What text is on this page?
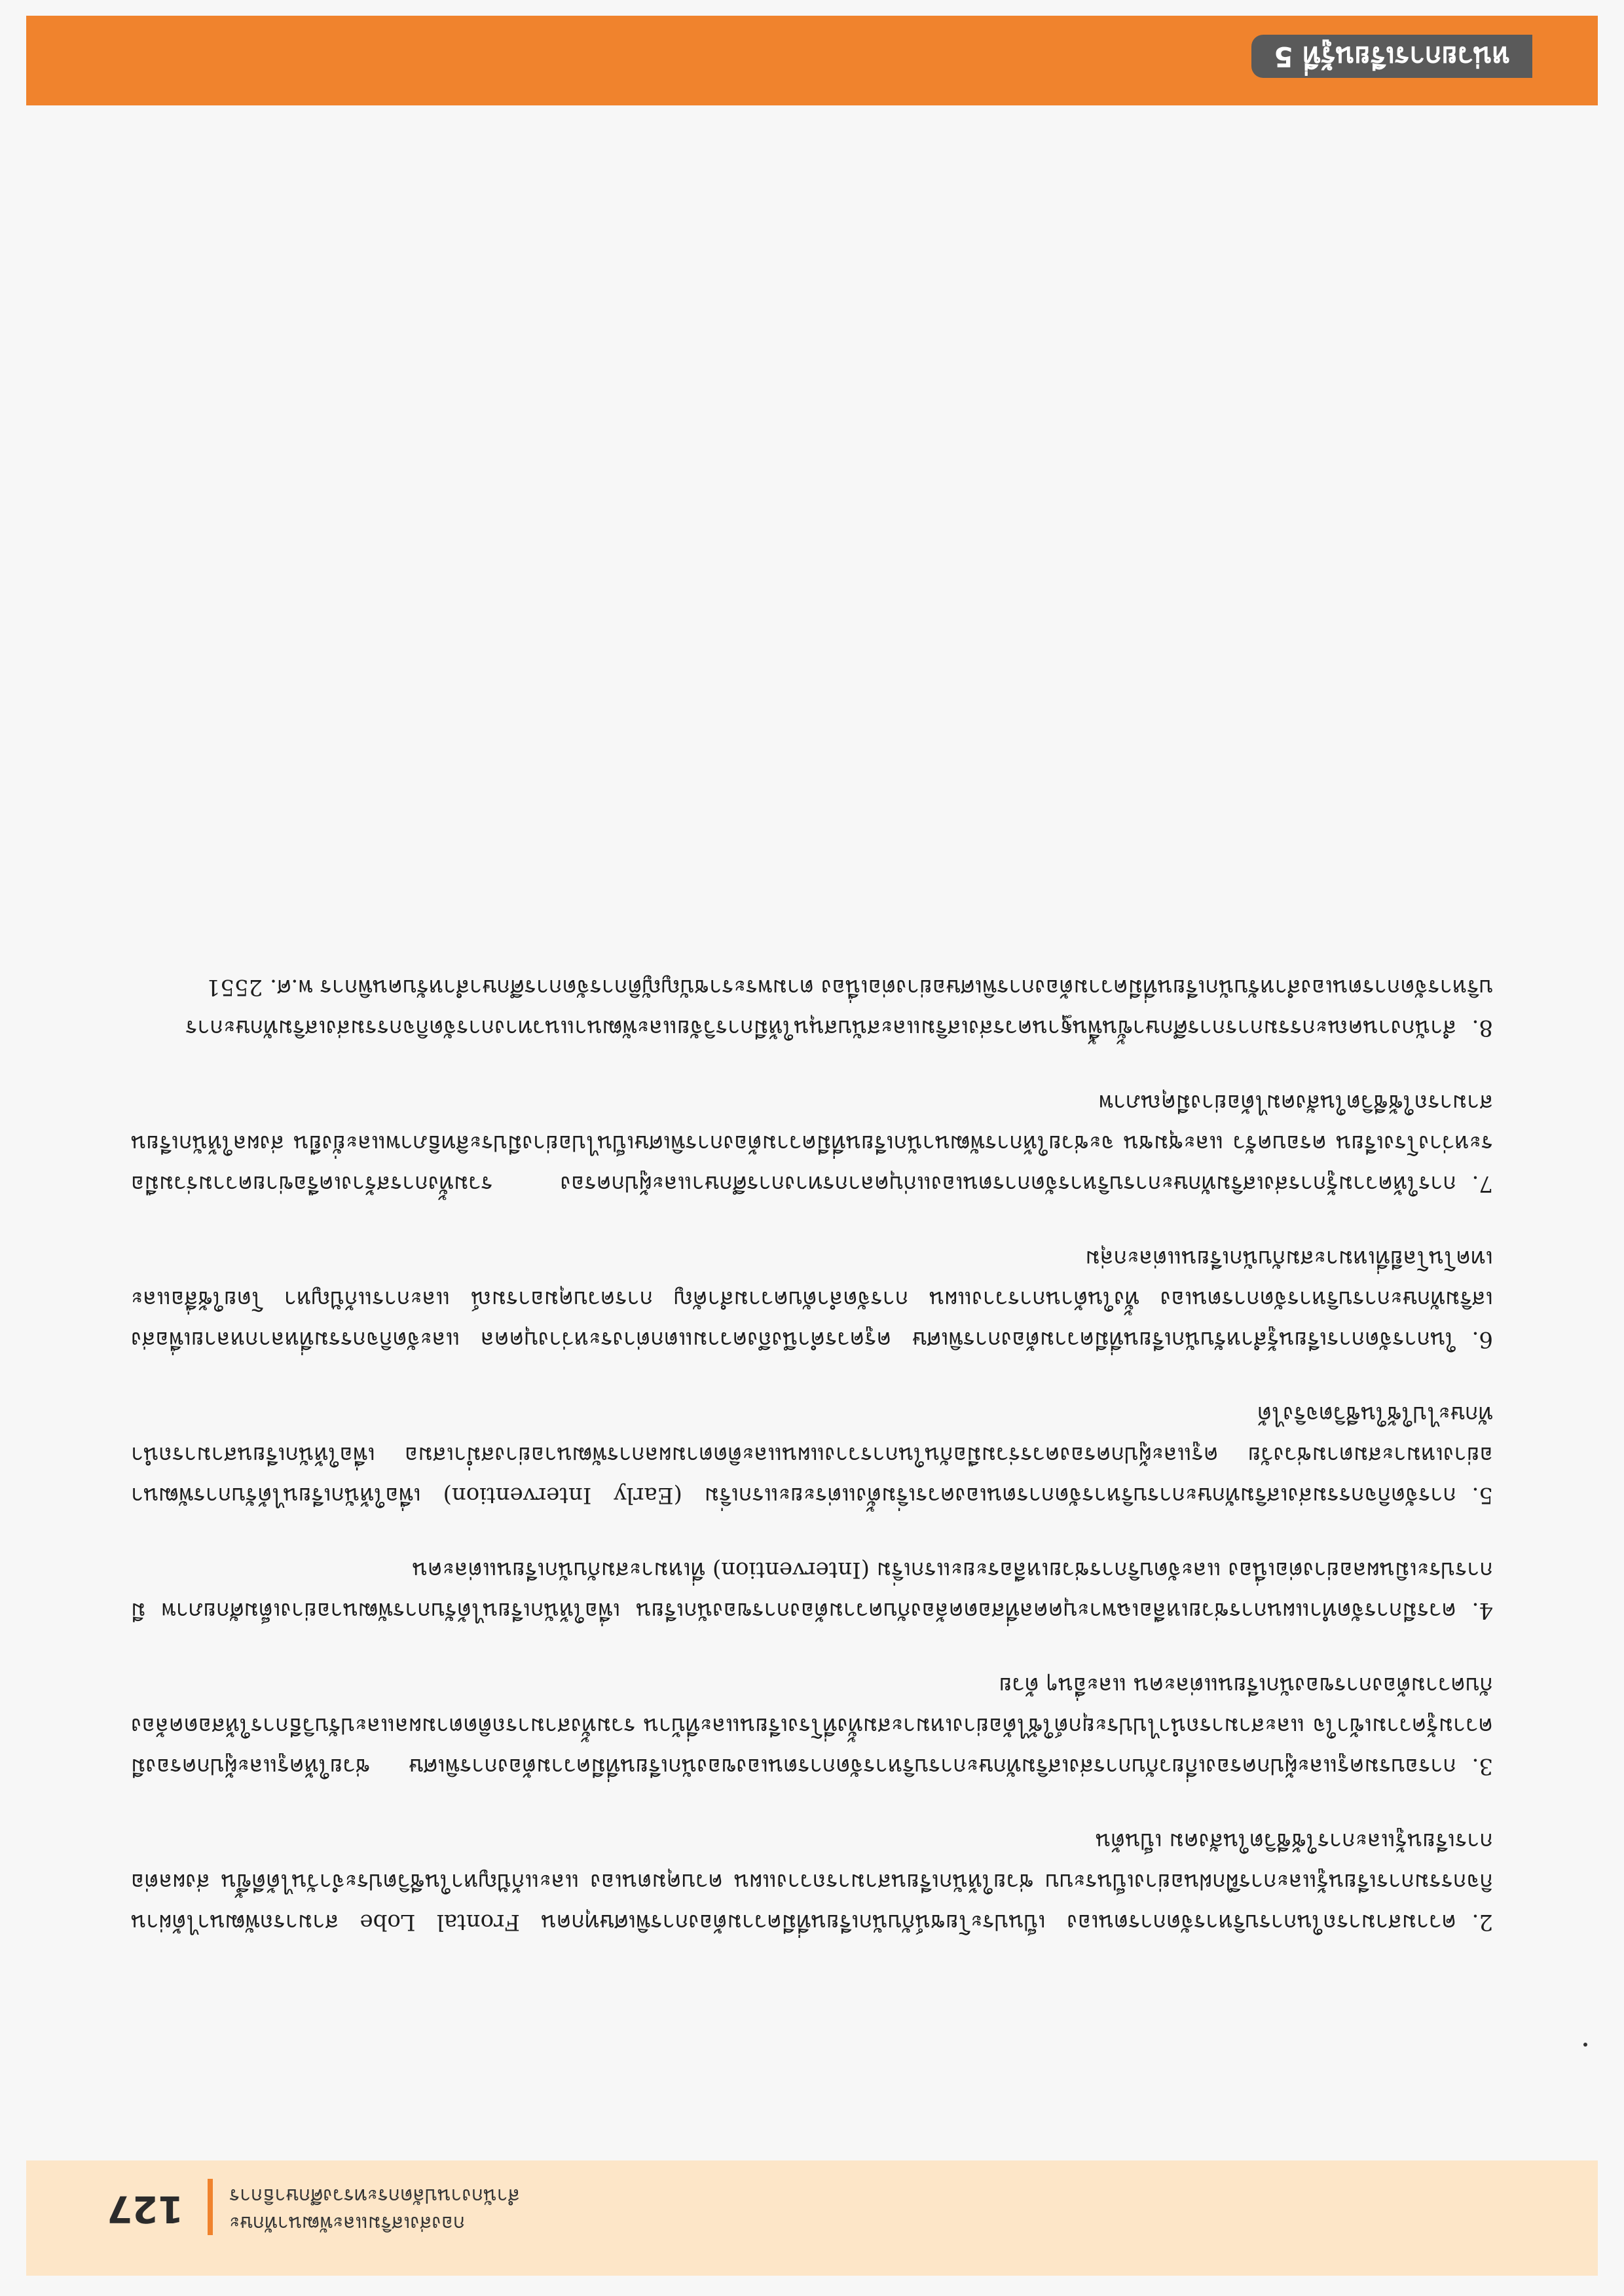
กองส่งเสริมและพัฒนาทักษะ
สำนักงานปลัดกระทรวงศึกษาธิการ
127
2.ความสามารถในการบริหารจัดการตนเอง เป็นประโยชน์กับนักเรียนที่มีความต้องการพิเศษทุกคน Frontal Lobe สามารถพัฒนาได้ผ่านกิจกรรมการเรียนรู้และการฝึกฝนอย่างเป็นระบบ ช่วยให้นักเรียนสามารถวางแผน ควบคุมตนเอง และแก้ปัญหาในชีวิตประจำวันได้ดีขึ้น ส่งผลต่อการเรียนรู้และการใช้ชีวิตในสังคม เป็นต้น
3.การอบรมครูและผู้ปกครองเกี่ยวกับการส่งเสริมทักษะการบริหารจัดการตนเองของนักเรียนที่มีความต้องการพิเศษ ช่วยให้ครูและผู้ปกครองมีความรู้ความเข้าใจ และสามารถนำไปประยุกต์ใช้ได้อย่างเหมาะสมทั้งที่โรงเรียนและที่บ้าน รวมทั้งสามารถติดตามผลและปรับวิธีการให้สอดคล้องกับความต้องการของนักเรียนแต่ละคน และอื่นๆ ด้วย
4.ควรมีการจัดทำแผนการช่วยเหลือเฉพาะบุคคลที่สอดคล้องกับความต้องการของนักเรียน เพื่อให้นักเรียนได้รับการพัฒนาอย่างเต็มศักยภาพ มีการประเมินผลอย่างต่อเนื่อง และจัดบริการช่วยเหลือระยะแรกเริ่ม (Intervention) ที่เหมาะสมกับนักเรียนแต่ละคน
5.การจัดกิจกรรมส่งเสริมทักษะการบริหารจัดการตนเองควรเริ่มตั้งแต่ระยะแรกเริ่ม (Early Intervention) เพื่อให้นักเรียนได้รับการพัฒนาอย่างเหมาะสมตามช่วงวัย ครูและผู้ปกครองควรร่วมมือกันในการวางแผนและติดตามผลการพัฒนาอย่างสม่ำเสมอ เพื่อให้นักเรียนสามารถนำทักษะไปใช้ในชีวิตจริงได้
6.ในการจัดการเรียนรู้สำหรับนักเรียนที่มีความต้องการพิเศษ ครูควรคำนึงถึงความแตกต่างระหว่างบุคคล และจัดกิจกรรมที่หลากหลายเพื่อส่งเสริมทักษะการบริหารจัดการตนเอง ทั้งในด้านการวางแผน การจัดลำดับความสำคัญ การควบคุมอารมณ์ และการแก้ปัญหา โดยใช้สื่อและเทคโนโลยีที่เหมาะสมกับนักเรียนแต่ละกลุ่ม
7.การให้ความรู้การส่งเสริมทักษะการบริหารจัดการตนเองแก่บุคลากรทางการศึกษาและผู้ปกครอง รวมทั้งการสร้างเครือข่ายความร่วมมือระหว่างโรงเรียน ครอบครัว และชุมชน จะช่วยให้การพัฒนานักเรียนที่มีความต้องการพิเศษเป็นไปอย่างมีประสิทธิภาพและยั่งยืน ส่งผลให้นักเรียนสามารถใช้ชีวิตในสังคมได้อย่างมีคุณภาพ
8.สำนักงานคณะกรรมการการศึกษาขั้นพื้นฐานควรส่งเสริมและสนับสนุนให้มีการวิจัยและพัฒนาแนวทางการจัดกิจกรรมส่งเสริมทักษะการบริหารจัดการตนเองสำหรับนักเรียนที่มีความต้องการพิเศษอย่างต่อเนื่อง ตามพระราชบัญญัติการจัดการศึกษาสำหรับคนพิการ พ.ศ. 2551
หน่วยการเรียนรู้ที่ 5
